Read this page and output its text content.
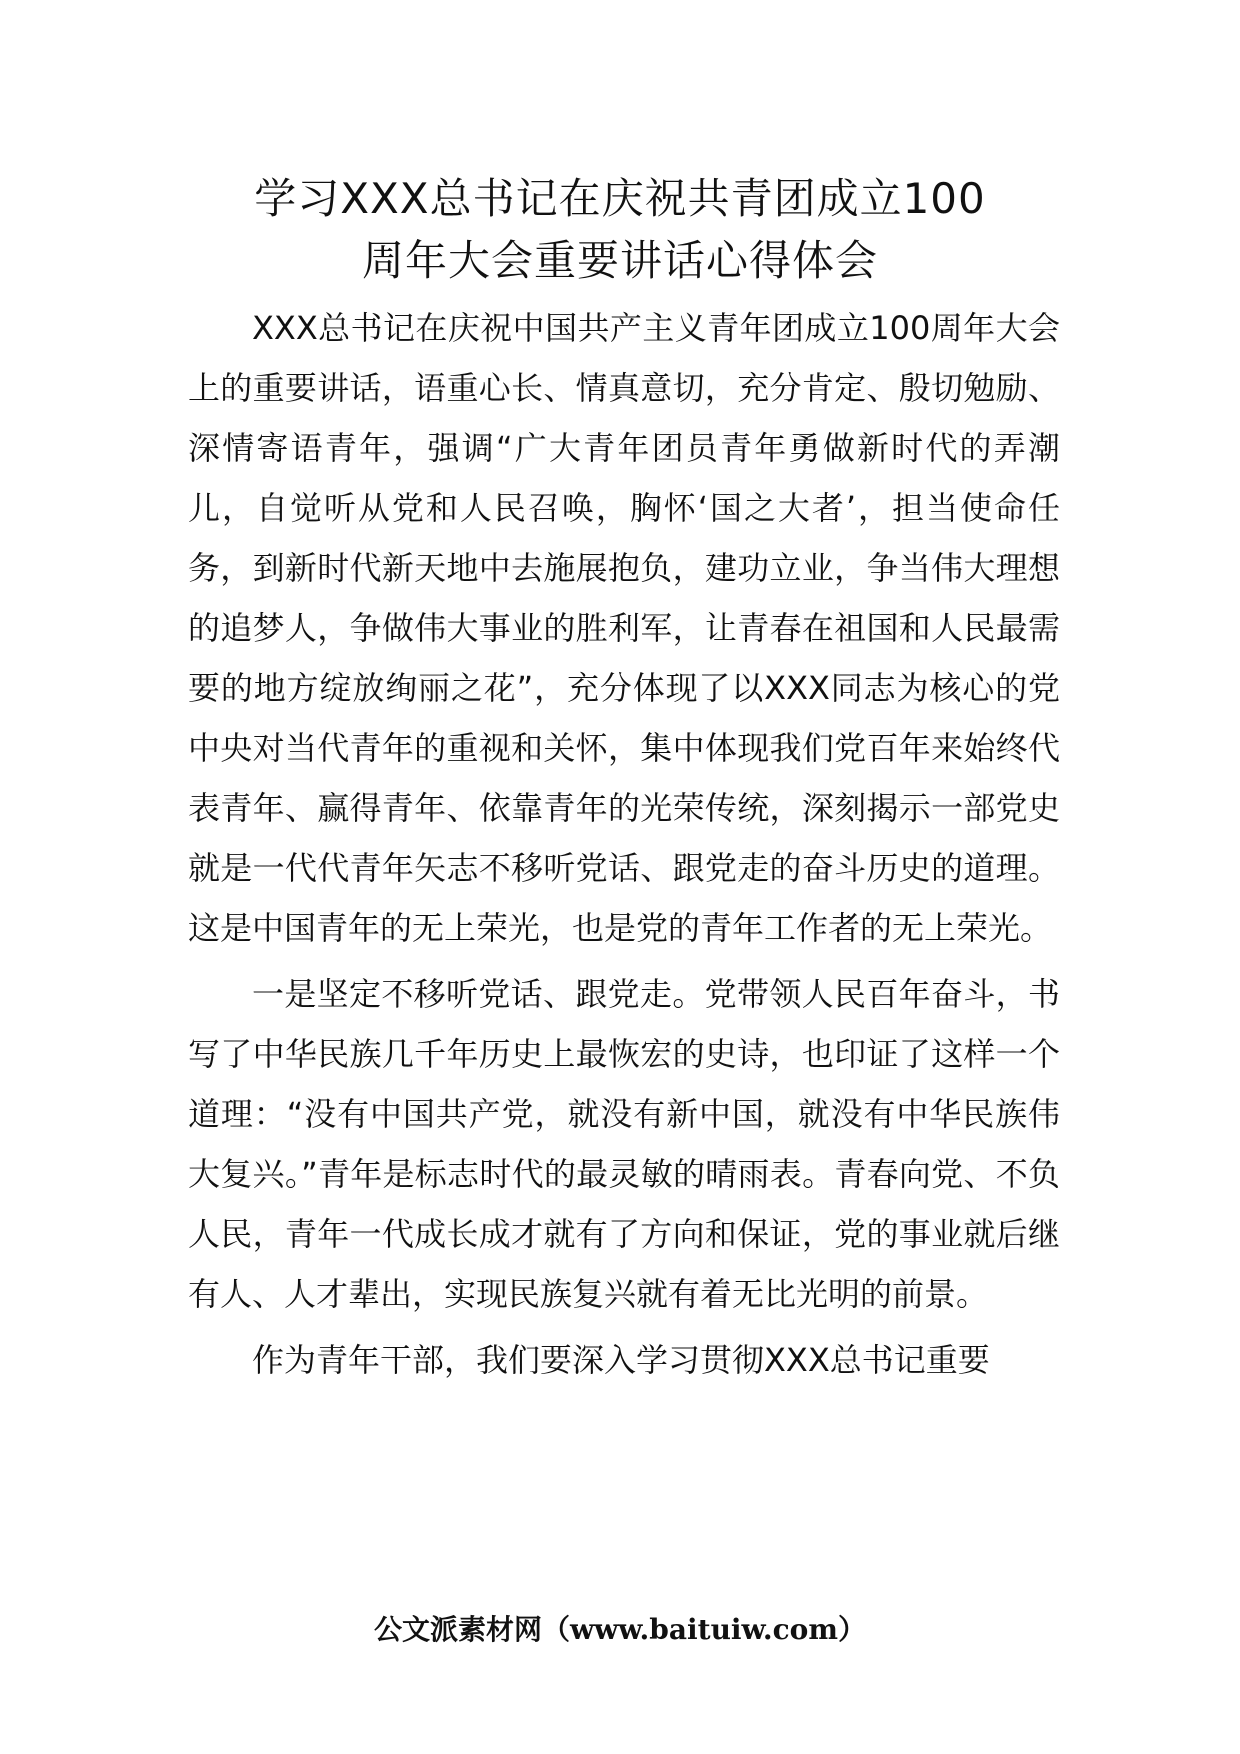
学习XXX总书记在庆祝共青团成立100
周年大会重要讲话心得体会

XXX总书记在庆祝中国共产主义青年团成立100周年大会上的重要讲话，语重心长、情真意切，充分肯定、殷切勉励、深情寄语青年，强调“广大青年团员青年勇做新时代的弄潮儿，自觉听从党和人民召唤，胸怀‘国之大者’，担当使命任务，到新时代新天地中去施展抱负，建功立业，争当伟大理想的追梦人，争做伟大事业的胜利军，让青春在祖国和人民最需要的地方绽放绚丽之花”，充分体现了以XXX同志为核心的党中央对当代青年的重视和关怀，集中体现我们党百年来始终代表青年、赢得青年、依靠青年的光荣传统，深刻揭示一部党史就是一代代青年矢志不移听党话、跟党走的奋斗历史的道理。这是中国青年的无上荣光，也是党的青年工作者的无上荣光。

一是坚定不移听党话、跟党走。党带领人民百年奋斗，书写了中华民族几千年历史上最恢宏的史诗，也印证了这样一个道理：“没有中国共产党，就没有新中国，就没有中华民族伟大复兴。”青年是标志时代的最灵敏的晴雨表。青春向党、不负人民，青年一代成长成才就有了方向和保证，党的事业就后继有人、人才辈出，实现民族复兴就有着无比光明的前景。

作为青年干部，我们要深入学习贯彻XXX总书记重要

公文派素材网（www.baituiw.com）
